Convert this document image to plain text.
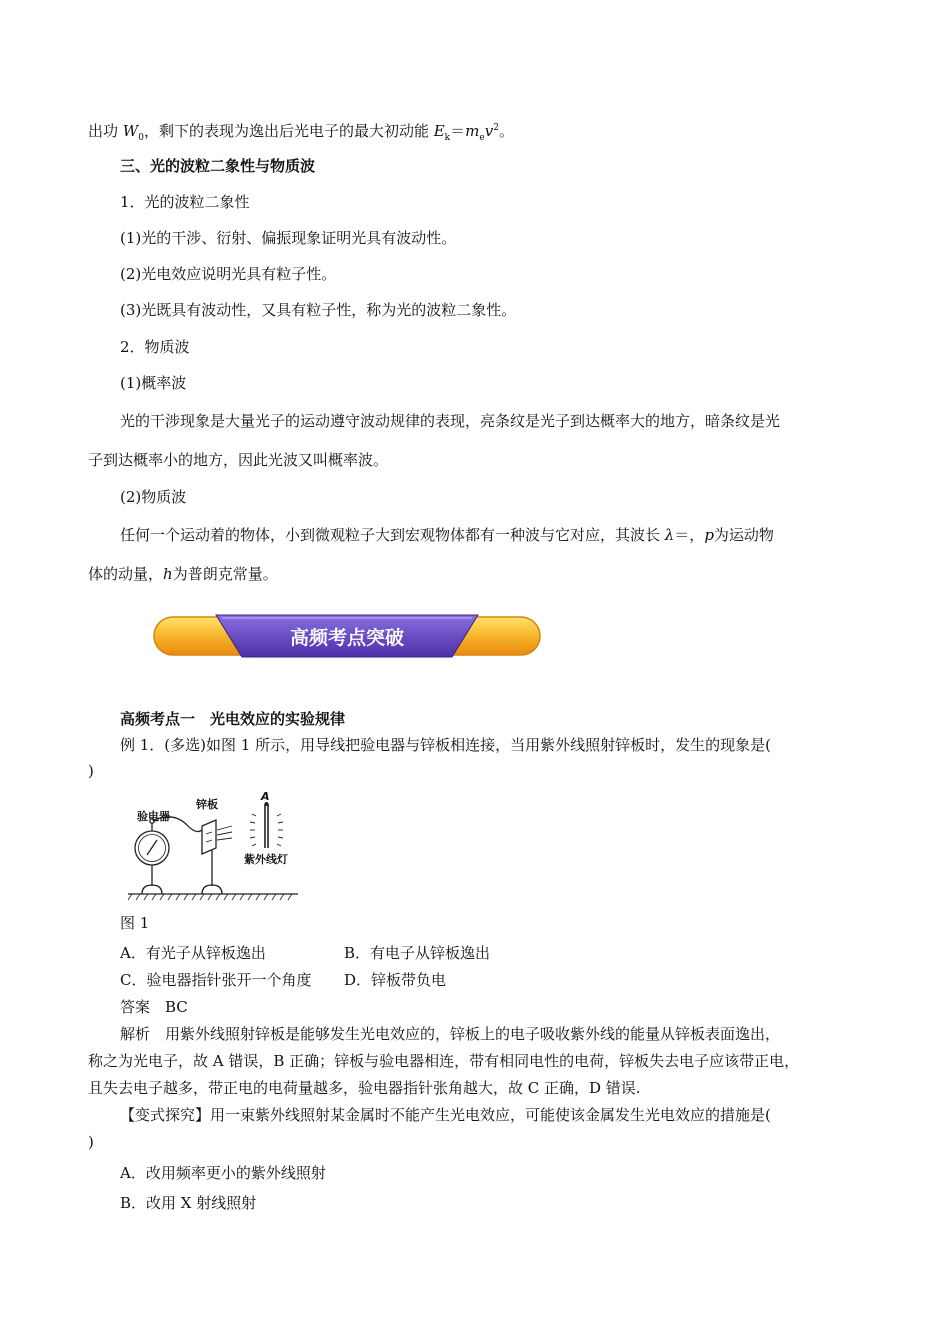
出功 $W_0$，剩下的表现为逸出后光电子的最大初动能 $E_k=m_ev^2$。
三、光的波粒二象性与物质波
1．光的波粒二象性
(1)光的干涉、衍射、偏振现象证明光具有波动性。
(2)光电效应说明光具有粒子性。
(3)光既具有波动性，又具有粒子性，称为光的波粒二象性。
2．物质波
(1)概率波
光的干涉现象是大量光子的运动遵守波动规律的表现，亮条纹是光子到达概率大的地方，暗条纹是光
子到达概率小的地方，因此光波又叫概率波。
(2)物质波
任何一个运动着的物体，小到微观粒子大到宏观物体都有一种波与它对应，其波长 λ＝，p为运动物
体的动量，h为普朗克常量。
高频考点突破
高频考点一　光电效应的实验规律
例 1．(多选)如图 1 所示，用导线把验电器与锌板相连接，当用紫外线照射锌板时，发生的现象是(
)
验电器
锌板
A
紫外线灯
图 1
A．有光子从锌板逸出	B．有电子从锌板逸出
C．验电器指针张开一个角度 D．锌板带负电
答案　BC
解析　用紫外线照射锌板是能够发生光电效应的，锌板上的电子吸收紫外线的能量从锌板表面逸出，
称之为光电子，故 A 错误，B 正确；锌板与验电器相连，带有相同电性的电荷，锌板失去电子应该带正电，
且失去电子越多，带正电的电荷量越多，验电器指针张角越大，故 C 正确，D 错误.
【变式探究】用一束紫外线照射某金属时不能产生光电效应，可能使该金属发生光电效应的措施是(
)
A．改用频率更小的紫外线照射
B．改用 X 射线照射
